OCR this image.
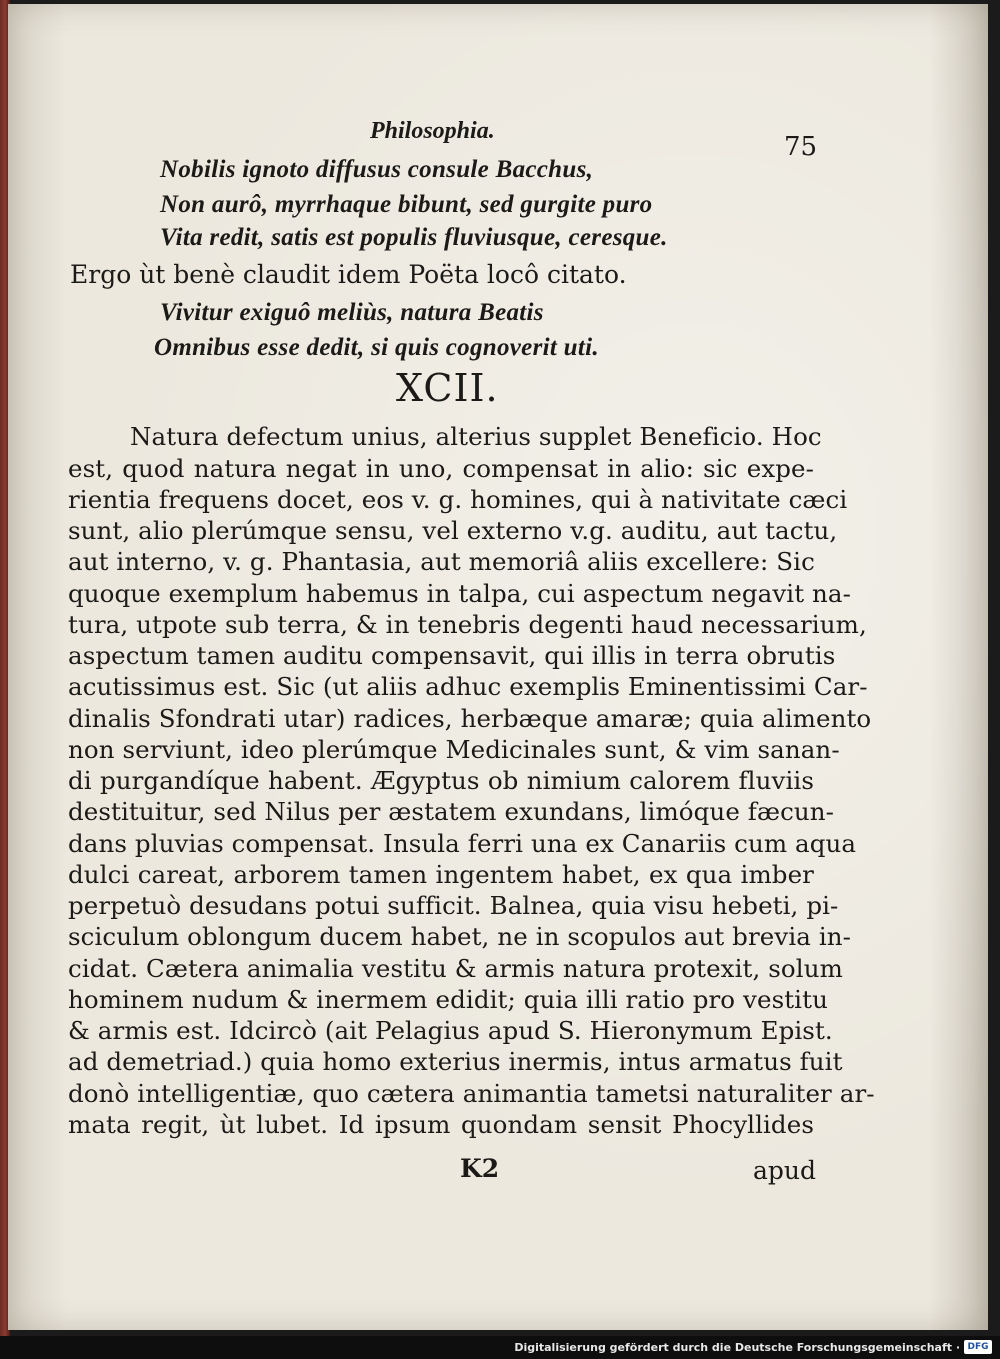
Philosophia.
75
Nobilis ignoto diffusus consule Bacchus,
Non aurô, myrrhaque bibunt, sed gurgite puro
Vita redit, satis est populis fluviusque, ceresque.
Ergo ùt benè claudit idem Poëta locô citato.
Vivitur exiguô meliùs, natura Beatis
Omnibus esse dedit, si quis cognoverit uti.
XCII.
Natura defectum unius, alterius supplet Beneficio. Hoc
est, quod natura negat in uno, compensat in alio: sic expe-
rientia frequens docet, eos v. g. homines, qui à nativitate cæci
sunt, alio plerúmque sensu, vel externo v.g. auditu, aut tactu,
aut interno, v. g. Phantasia, aut memoriâ aliis excellere: Sic
quoque exemplum habemus in talpa, cui aspectum negavit na-
tura, utpote sub terra, & in tenebris degenti haud necessarium,
aspectum tamen auditu compensavit, qui illis in terra obrutis
acutissimus est. Sic (ut aliis adhuc exemplis Eminentissimi Car-
dinalis Sfondrati utar) radices, herbæque amaræ; quia alimento
non serviunt, ideo plerúmque Medicinales sunt, & vim sanan-
di purgandíque habent. Ægyptus ob nimium calorem fluviis
destituitur, sed Nilus per æstatem exundans, limóque fæcun-
dans pluvias compensat. Insula ferri una ex Canariis cum aqua
dulci careat, arborem tamen ingentem habet, ex qua imber
perpetuò desudans potui sufficit. Balnea, quia visu hebeti, pi-
sciculum oblongum ducem habet, ne in scopulos aut brevia in-
cidat. Cætera animalia vestitu & armis natura protexit, solum
hominem nudum & inermem edidit; quia illi ratio pro vestitu
& armis est. Idcircò (ait Pelagius apud S. Hieronymum Epist.
ad demetriad.) quia homo exterius inermis, intus armatus fuit
donò intelligentiæ, quo cætera animantia tametsi naturaliter ar-
mata regit, ùt lubet. Id ipsum quondam sensit Phocyllides
K2	apud
Digitalisierung gefördert durch die Deutsche Forschungsgemeinschaft · DFG
